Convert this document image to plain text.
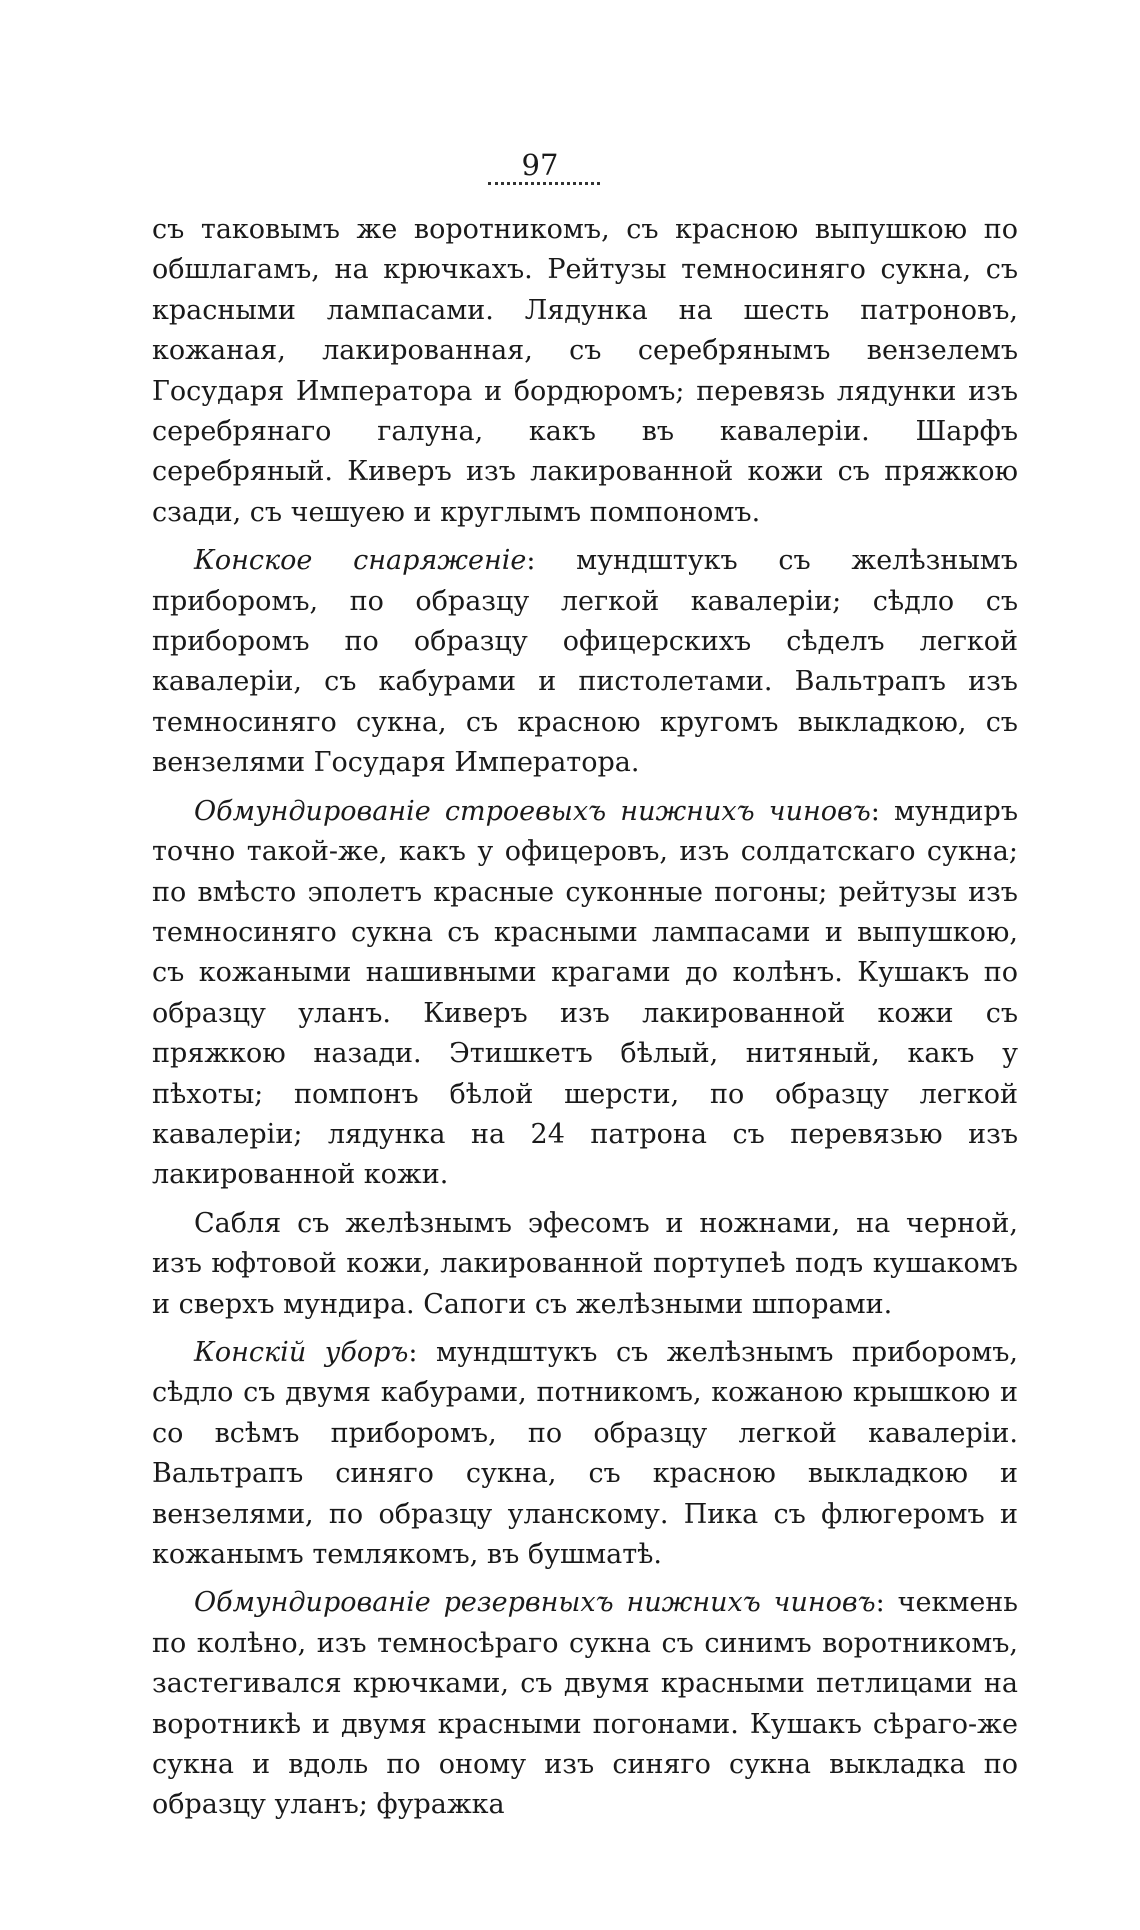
97

съ таковымъ же воротникомъ, съ красною выпушкою по обшлагамъ, на крючкахъ. Рейтузы темносиняго сукна, съ красными лампасами. Лядунка на шесть патроновъ, кожаная, лакированная, съ серебрянымъ вензелемъ Государя Императора и бордюромъ; перевязь лядунки изъ серебрянаго галуна, какъ въ кавалеріи. Шарфъ серебряный. Киверъ изъ лакированной кожи съ пряжкою сзади, съ чешуею и круглымъ помпономъ.

Конское снаряженіе: мундштукъ съ желѣзнымъ приборомъ, по образцу легкой кавалеріи; сѣдло съ приборомъ по образцу офицерскихъ сѣделъ легкой кавалеріи, съ кабурами и пистолетами. Вальтрапъ изъ темносиняго сукна, съ красною кругомъ выкладкою, съ вензелями Государя Императора.

Обмундированіе строевыхъ нижнихъ чиновъ: мундиръ точно такой-же, какъ у офицеровъ, изъ солдатскаго сукна; по вмѣсто эполетъ красные суконные погоны; рейтузы изъ темносиняго сукна съ красными лампасами и выпушкою, съ кожаными нашивными крагами до колѣнъ. Кушакъ по образцу уланъ. Киверъ изъ лакированной кожи съ пряжкою назади. Этишкетъ бѣлый, нитяный, какъ у пѣхоты; помпонъ бѣлой шерсти, по образцу легкой кавалеріи; лядунка на 24 патрона съ перевязью изъ лакированной кожи.

Сабля съ желѣзнымъ эфесомъ и ножнами, на черной, изъ юфтовой кожи, лакированной портупеѣ подъ кушакомъ и сверхъ мундира. Сапоги съ желѣзными шпорами.

Конскій уборъ: мундштукъ съ желѣзнымъ приборомъ, сѣдло съ двумя кабурами, потникомъ, кожаною крышкою и со всѣмъ приборомъ, по образцу легкой кавалеріи. Вальтрапъ синяго сукна, съ красною выкладкою и вензелями, по образцу уланскому. Пика съ флюгеромъ и кожанымъ темлякомъ, въ бушматѣ.

Обмундированіе резервныхъ нижнихъ чиновъ: чекмень по колѣно, изъ темносѣраго сукна съ синимъ воротникомъ, застегивался крючками, съ двумя красными петлицами на воротникѣ и двумя красными погонами. Кушакъ сѣраго-же сукна и вдоль по оному изъ синяго сукна выкладка по образцу уланъ; фуражка
